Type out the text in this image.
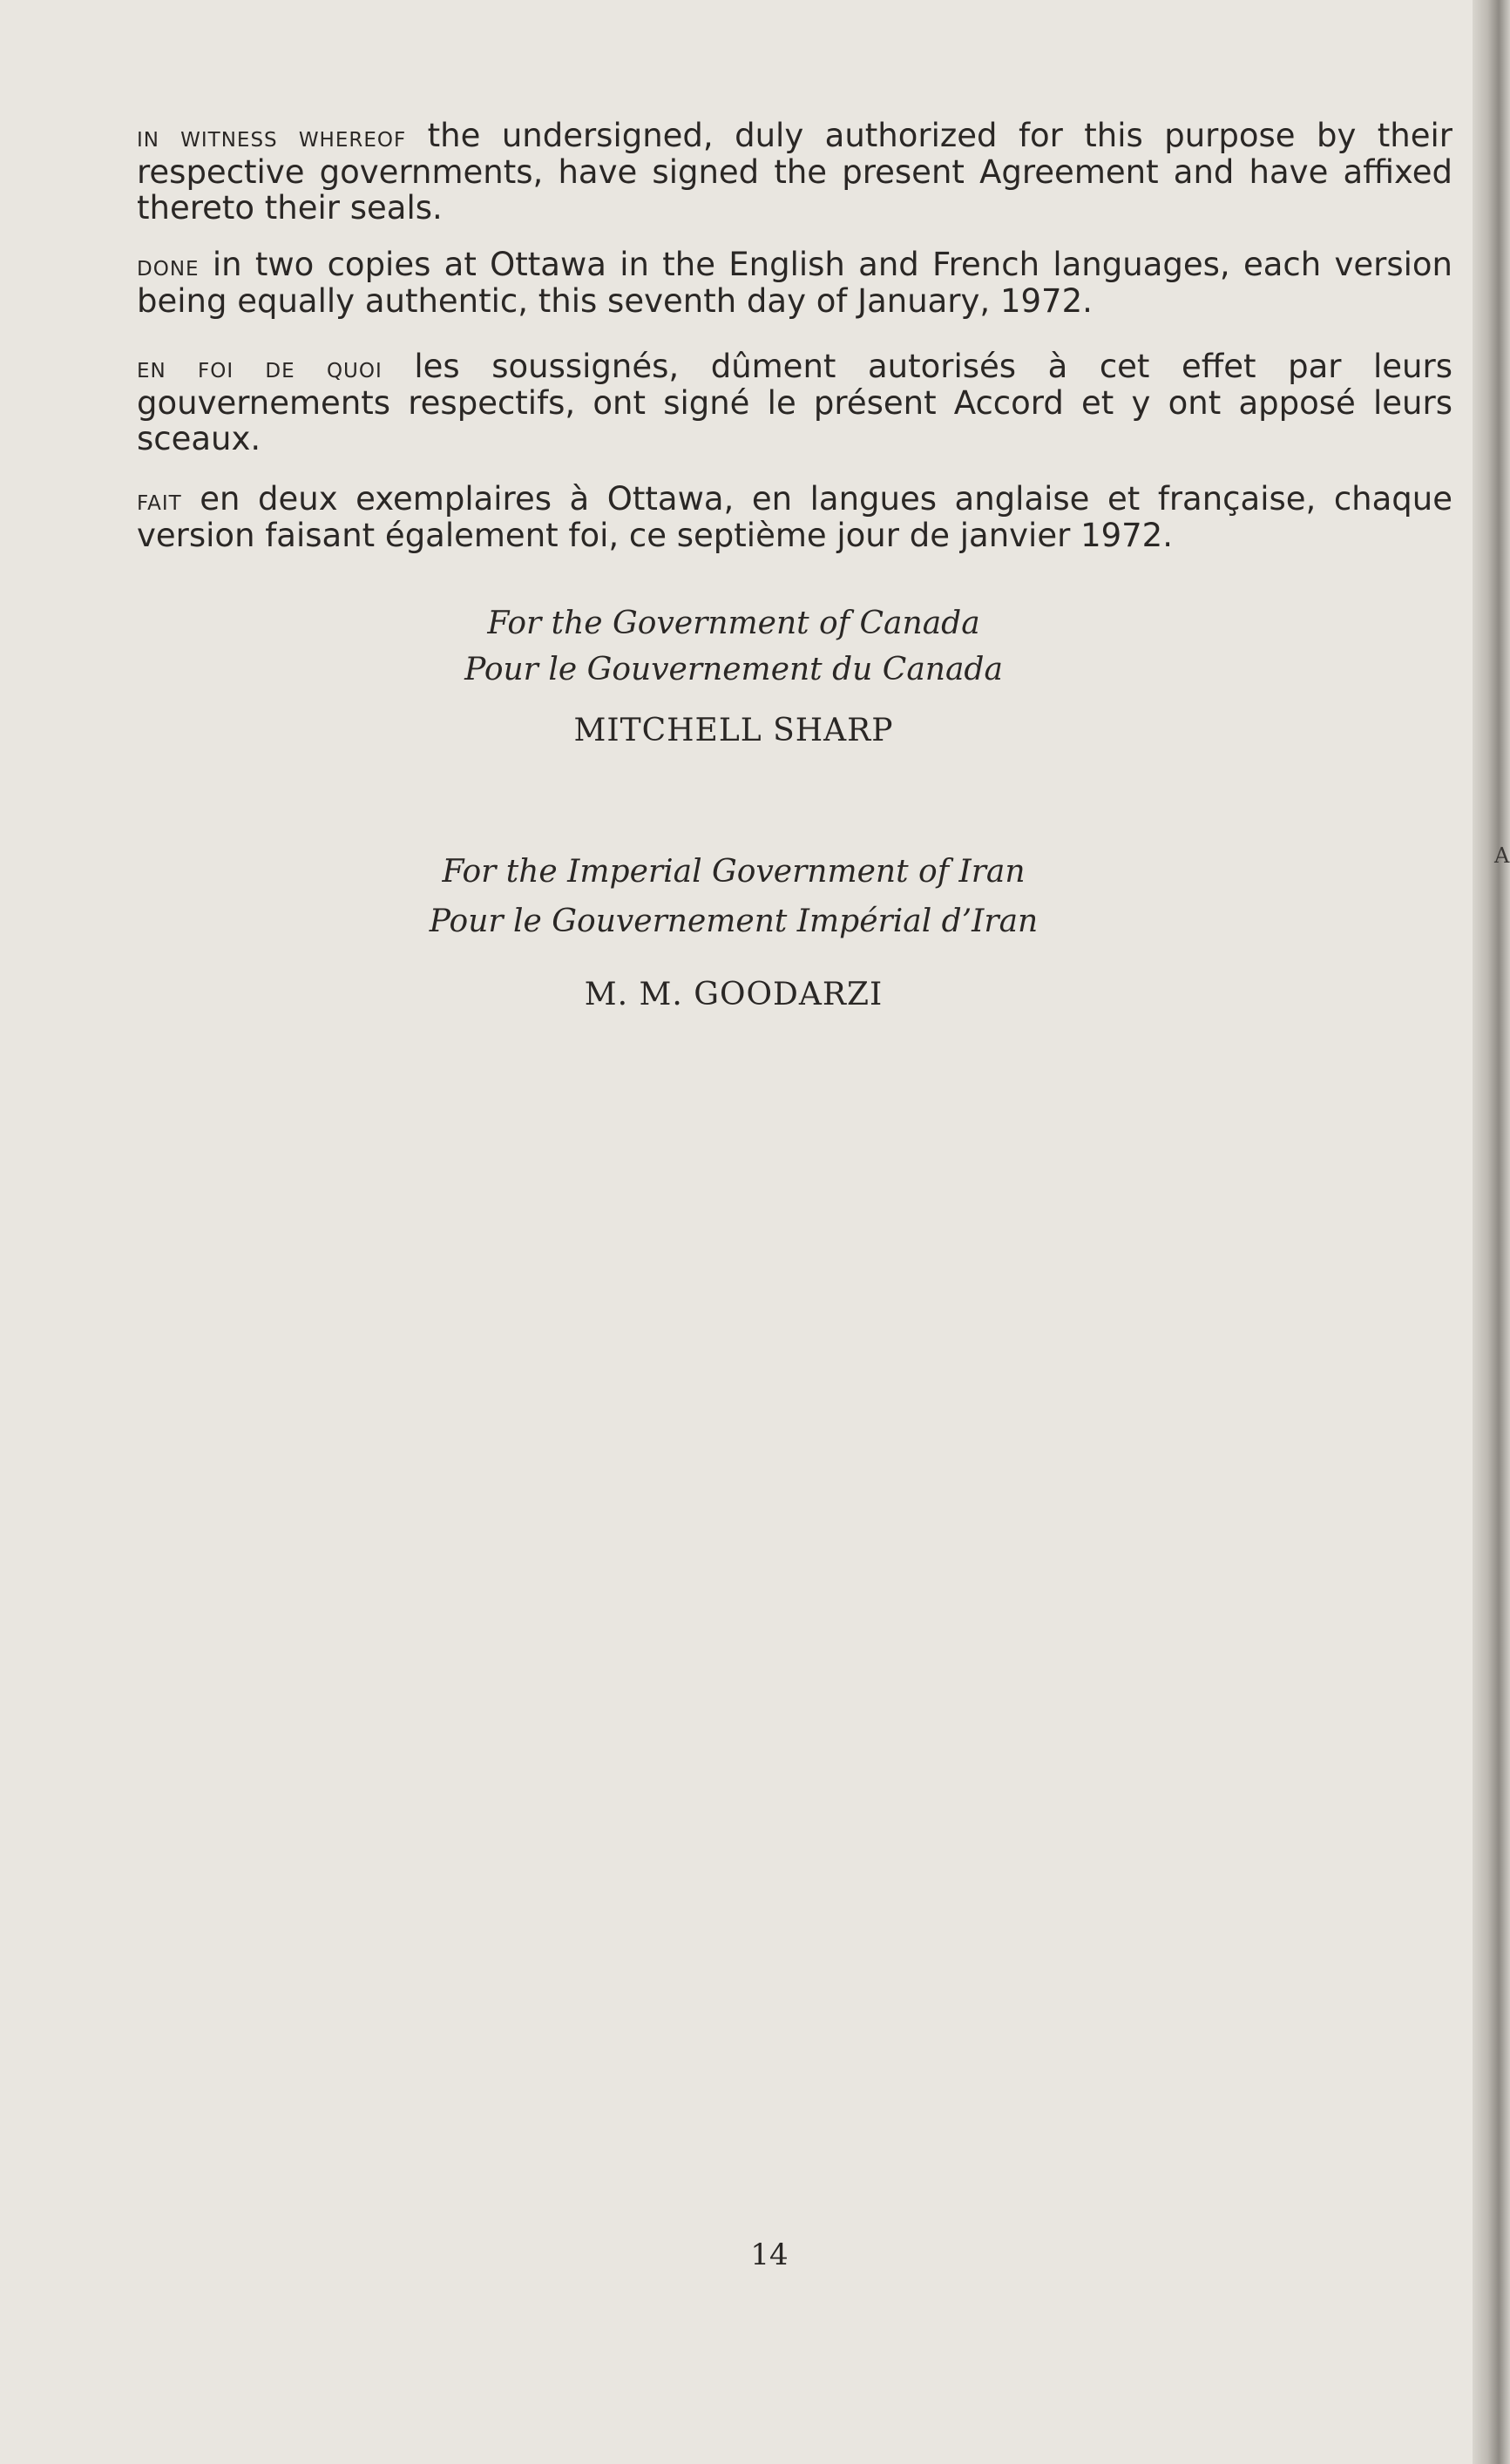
in witness whereof the undersigned, duly authorized for this purpose by their respective governments, have signed the present Agreement and have affixed thereto their seals.

done in two copies at Ottawa in the English and French languages, each version being equally authentic, this seventh day of January, 1972.

en foi de quoi les soussignés, dûment autorisés à cet effet par leurs gouvernements respectifs, ont signé le présent Accord et y ont apposé leurs sceaux.

fait en deux exemplaires à Ottawa, en langues anglaise et française, chaque version faisant également foi, ce septième jour de janvier 1972.

For the Government of Canada
Pour le Gouvernement du Canada
MITCHELL SHARP
For the Imperial Government of Iran
Pour le Gouvernement Impérial d’Iran
M. M. GOODARZI
14
A
